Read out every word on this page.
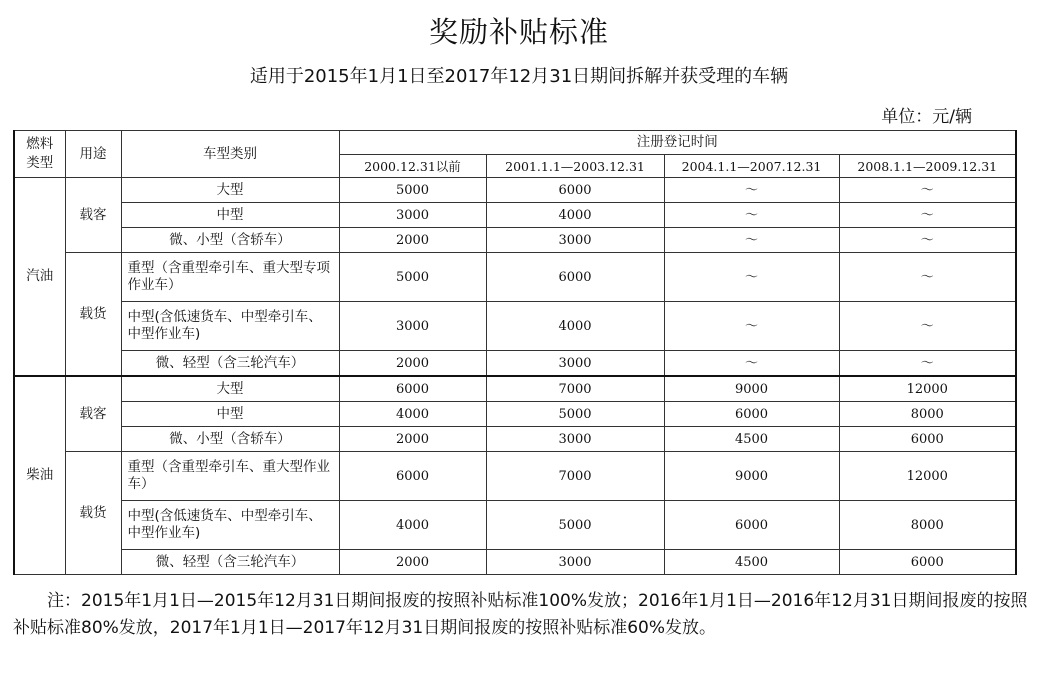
奖励补贴标准
适用于2015年1月1日至2017年12月31日期间拆解并获受理的车辆
单位：元/辆
燃料类型	用途	车型类别	注册登记时间			
			2000.12.31以前	2001.1.1—2003.12.31	2004.1.1—2007.12.31	2008.1.1—2009.12.31
汽油	载客	大型	5000	6000	～	～
		中型	3000	4000	～	～
		微、小型（含轿车）	2000	3000	～	～
	载货	重型（含重型牵引车、重大型专项作业车）	5000	6000	～	～
		中型(含低速货车、中型牵引车、中型作业车)	3000	4000	～	～
		微、轻型（含三轮汽车）	2000	3000	～	～
柴油	载客	大型	6000	7000	9000	12000
		中型	4000	5000	6000	8000
		微、小型（含轿车）	2000	3000	4500	6000
	载货	重型（含重型牵引车、重大型作业车）	6000	7000	9000	12000
		中型(含低速货车、中型牵引车、中型作业车)	4000	5000	6000	8000
		微、轻型（含三轮汽车）	2000	3000	4500	6000
注：2015年1月1日—2015年12月31日期间报废的按照补贴标准100%发放；2016年1月1日—2016年12月31日期间报废的按照补贴标准80%发放，2017年1月1日—2017年12月31日期间报废的按照补贴标准60%发放。
